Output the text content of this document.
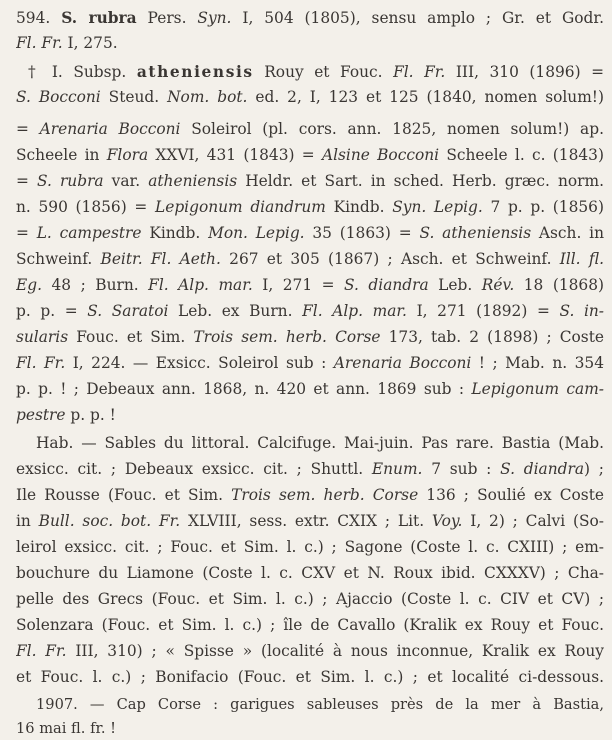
594. S. rubra Pers. Syn. I, 504 (1805), sensu amplo ; Gr. et Godr.
Fl. Fr. I, 275.
† I. Subsp. atheniensis Rouy et Fouc. Fl. Fr. III, 310 (1896) =
S. Bocconi Steud. Nom. bot. ed. 2, I, 123 et 125 (1840, nomen solum!)
= Arenaria Bocconi Soleirol (pl. cors. ann. 1825, nomen solum!) ap.
Scheele in Flora XXVI, 431 (1843) = Alsine Bocconi Scheele l. c. (1843)
= S. rubra var. atheniensis Heldr. et Sart. in sched. Herb. græc. norm.
n. 590 (1856) = Lepigonum diandrum Kindb. Syn. Lepig. 7 p. p. (1856)
= L. campestre Kindb. Mon. Lepig. 35 (1863) = S. atheniensis Asch. in
Schweinf. Beitr. Fl. Aeth. 267 et 305 (1867) ; Asch. et Schweinf. Ill. fl.
Eg. 48 ; Burn. Fl. Alp. mar. I, 271 = S. diandra Leb. Rév. 18 (1868)
p. p. = S. Saratoi Leb. ex Burn. Fl. Alp. mar. I, 271 (1892) = S. in-
sularis Fouc. et Sim. Trois sem. herb. Corse 173, tab. 2 (1898) ; Coste
Fl. Fr. I, 224. — Exsicc. Soleirol sub : Arenaria Bocconi ! ; Mab. n. 354
p. p. ! ; Debeaux ann. 1868, n. 420 et ann. 1869 sub : Lepigonum cam-
pestre p. p. !
Hab. — Sables du littoral. Calcifuge. Mai-juin. Pas rare. Bastia (Mab.
exsicc. cit. ; Debeaux exsicc. cit. ; Shuttl. Enum. 7 sub : S. diandra) ;
Ile Rousse (Fouc. et Sim. Trois sem. herb. Corse 136 ; Soulié ex Coste
in Bull. soc. bot. Fr. XLVIII, sess. extr. CXIX ; Lit. Voy. I, 2) ; Calvi (So-
leirol exsicc. cit. ; Fouc. et Sim. l. c.) ; Sagone (Coste l. c. CXIII) ; em-
bouchure du Liamone (Coste l. c. CXV et N. Roux ibid. CXXXV) ; Cha-
pelle des Grecs (Fouc. et Sim. l. c.) ; Ajaccio (Coste l. c. CIV et CV) ;
Solenzara (Fouc. et Sim. l. c.) ; île de Cavallo (Kralik ex Rouy et Fouc.
Fl. Fr. III, 310) ; « Spisse » (localité à nous inconnue, Kralik ex Rouy
et Fouc. l. c.) ; Bonifacio (Fouc. et Sim. l. c.) ; et localité ci-dessous.
1907. — Cap Corse : garigues sableuses près de la mer à Bastia,
16 mai fl. fr. !
